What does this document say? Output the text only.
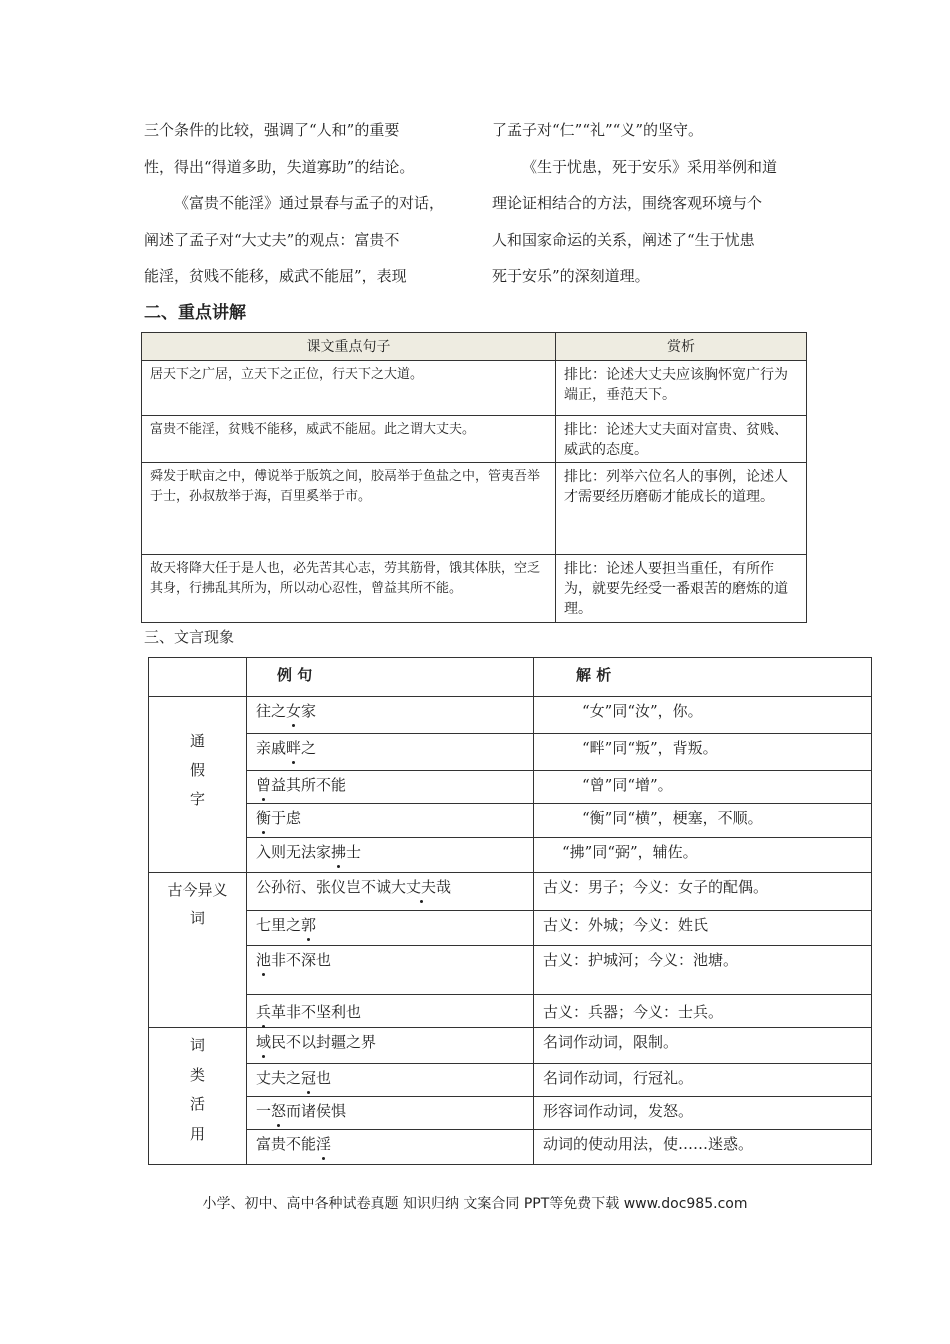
三个条件的比较，强调了“人和”的重要

性，得出“得道多助，失道寡助”的结论。

《富贵不能淫》通过景春与孟子的对话，

阐述了孟子对“大丈夫”的观点：富贵不

能淫，贫贱不能移，威武不能屈”，表现

了孟子对“仁”“礼”“义”的坚守。

《生于忧患，死于安乐》采用举例和道

理论证相结合的方法，围绕客观环境与个

人和国家命运的关系，阐述了“生于忧患

死于安乐”的深刻道理。

二、重点讲解
课文重点句子	赏析
居天下之广居，立天下之正位，行天下之大道。	排比：论述大丈夫应该胸怀宽广行为端正，垂范天下。
富贵不能淫，贫贱不能移，威武不能屈。此之谓大丈夫。	排比：论述大丈夫面对富贵、贫贱、威武的态度。
舜发于畎亩之中，傅说举于版筑之间，胶鬲举于鱼盐之中，管夷吾举于士，孙叔敖举于海，百里奚举于市。	排比：列举六位名人的事例，论述人才需要经历磨砺才能成长的道理。
故天将降大任于是人也，必先苦其心志，劳其筋骨，饿其体肤，空乏其身，行拂乱其所为，所以动心忍性，曾益其所不能。	排比：论述人要担当重任，有所作为，就要先经受一番艰苦的磨炼的道理。
三、文言现象
	例 句	解 析

通
假
字	往之女家	“女”同“汝”，你。
	亲戚畔之	“畔”同“叛”，背叛。
	曾益其所不能	“曾”同“增”。
	衡于虑	“衡”同“横”，梗塞，不顺。
	入则无法家拂士	“拂”同“弼”，辅佐。

古今异义
词	公孙衍、张仪岂不诚大丈夫哉	古义：男子；今义：女子的配偶。
	七里之郭	古义：外城；今义：姓氏
	池非不深也	古义：护城河；今义：池塘。
	兵革非不坚利也	古义：兵器；今义：士兵。

词
类
活
用	域民不以封疆之界	名词作动词，限制。
	丈夫之冠也	名词作动词，行冠礼。
	一怒而诸侯惧	形容词作动词，发怒。
	富贵不能淫	动词的使动用法，使……迷惑。
小学、初中、高中各种试卷真题 知识归纳 文案合同 PPT等免费下载 www.doc985.com
